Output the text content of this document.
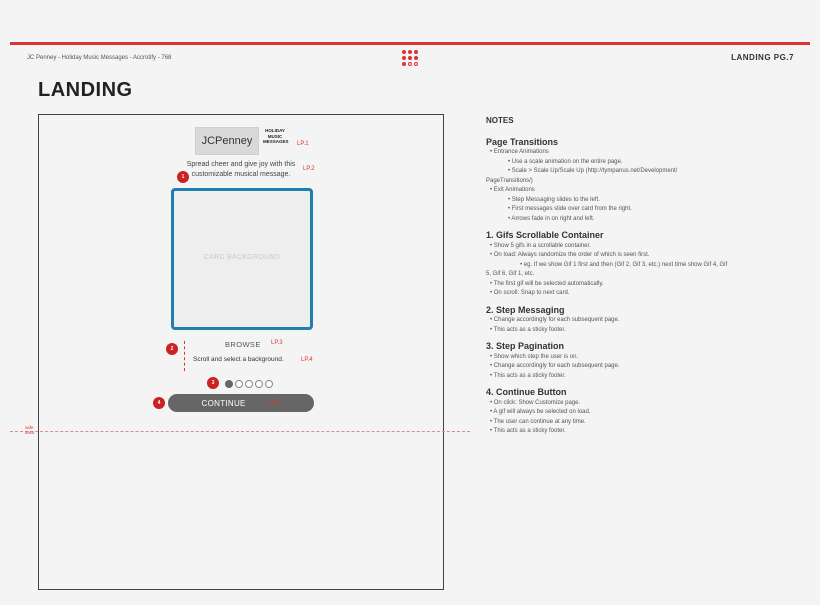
JC Penney - Holiday Music Messages - Accrotify - 768	LANDING PG.7
LANDING
JCPenney
HOLIDAY
MUSIC
MESSAGES LP.1
Spread cheer and give joy with this customizable musical message.
LP.2
1
CARD BACKGROUND
2	BROWSE LP.3
Scroll and select a background.	LP.4
3
4	CONTINUE	LP.5
safe
area
NOTES
Page Transitions
• Entrance Animations
• Use a scale animation on the entire page.
• Scale > Scale Up/Scale Up (http://tympanus.net/Development/
PageTransitions/)
• Exit Animations
• Step Messaging slides to the left.
• First messages slide over card from the right.
• Arrows fade in on right and left.
1. Gifs Scrollable Container
• Show 5 gifs in a scrollable container.
• On load: Always randomize the order of which is seen first.
• eg. If we show Gif 1 first and then (Gif 2, Gif 3, etc.) next time show Gif 4, Gif
5, Gif 6, Gif 1, etc.
• The first gif will be selected automatically.
• On scroll: Snap to next card.
2. Step Messaging
• Change accordingly for each subsequent page.
• This acts as a sticky footer.
3. Step Pagination
• Show which step the user is on.
• Change accordingly for each subsequent page.
• This acts as a sticky footer.
4. Continue Button
• On click: Show Customize page.
• A gif will always be selected on load.
• The user can continue at any time.
• This acts as a sticky footer.
